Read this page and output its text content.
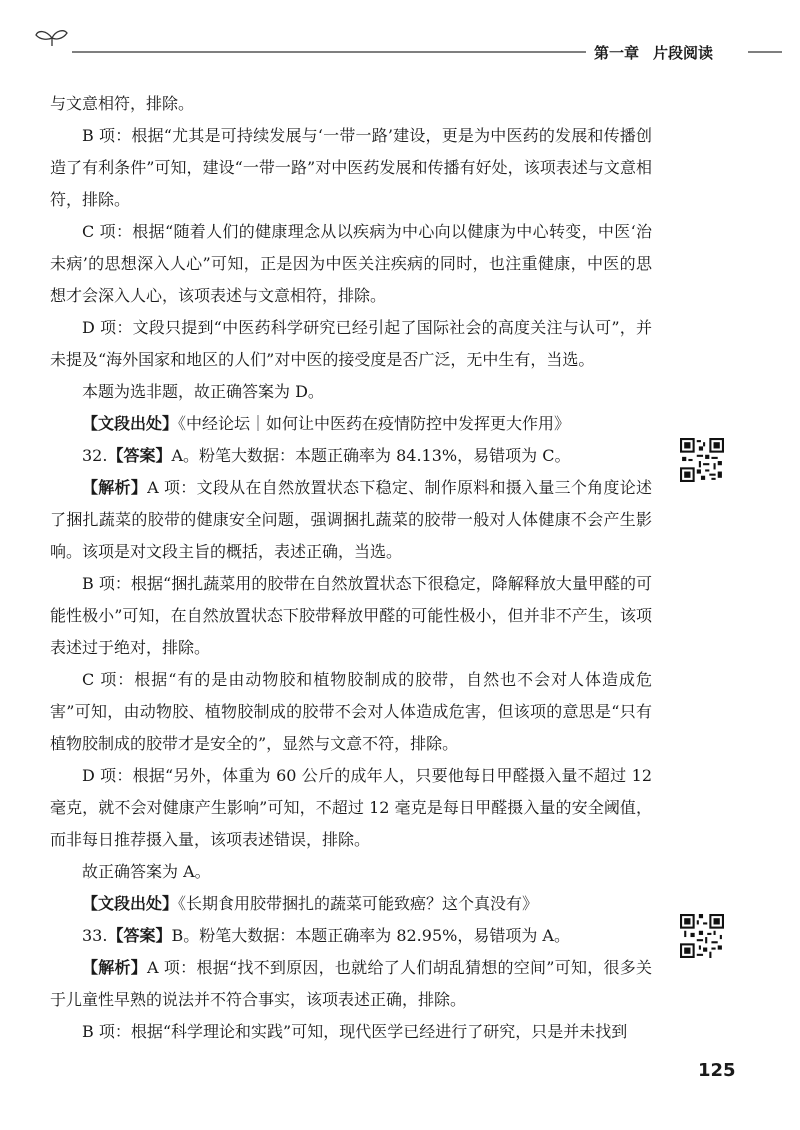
第一章 片段阅读

与文意相符，排除。

B 项：根据“尤其是可持续发展与‘一带一路’建设，更是为中医药的发展和传播创造了有利条件”可知，建设“一带一路”对中医药发展和传播有好处，该项表述与文意相符，排除。

C 项：根据“随着人们的健康理念从以疾病为中心向以健康为中心转变，中医‘治未病’的思想深入人心”可知，正是因为中医关注疾病的同时，也注重健康，中医的思想才会深入人心，该项表述与文意相符，排除。

D 项：文段只提到“中医药科学研究已经引起了国际社会的高度关注与认可”，并未提及“海外国家和地区的人们”对中医的接受度是否广泛，无中生有，当选。

本题为选非题，故正确答案为 D。

【文段出处】《中经论坛｜如何让中医药在疫情防控中发挥更大作用》

32.【答案】A。粉笔大数据：本题正确率为 84.13%，易错项为 C。

【解析】A 项：文段从在自然放置状态下稳定、制作原料和摄入量三个角度论述了捆扎蔬菜的胶带的健康安全问题，强调捆扎蔬菜的胶带一般对人体健康不会产生影响。该项是对文段主旨的概括，表述正确，当选。

B 项：根据“捆扎蔬菜用的胶带在自然放置状态下很稳定，降解释放大量甲醛的可能性极小”可知，在自然放置状态下胶带释放甲醛的可能性极小，但并非不产生，该项表述过于绝对，排除。

C 项：根据“有的是由动物胶和植物胶制成的胶带，自然也不会对人体造成危害”可知，由动物胶、植物胶制成的胶带不会对人体造成危害，但该项的意思是“只有植物胶制成的胶带才是安全的”，显然与文意不符，排除。

D 项：根据“另外，体重为 60 公斤的成年人，只要他每日甲醛摄入量不超过 12 毫克，就不会对健康产生影响”可知，不超过 12 毫克是每日甲醛摄入量的安全阈值，而非每日推荐摄入量，该项表述错误，排除。

故正确答案为 A。

【文段出处】《长期食用胶带捆扎的蔬菜可能致癌？这个真没有》

33.【答案】B。粉笔大数据：本题正确率为 82.95%，易错项为 A。

【解析】A 项：根据“找不到原因，也就给了人们胡乱猜想的空间”可知，很多关于儿童性早熟的说法并不符合事实，该项表述正确，排除。

B 项：根据“科学理论和实践”可知，现代医学已经进行了研究，只是并未找到

125
